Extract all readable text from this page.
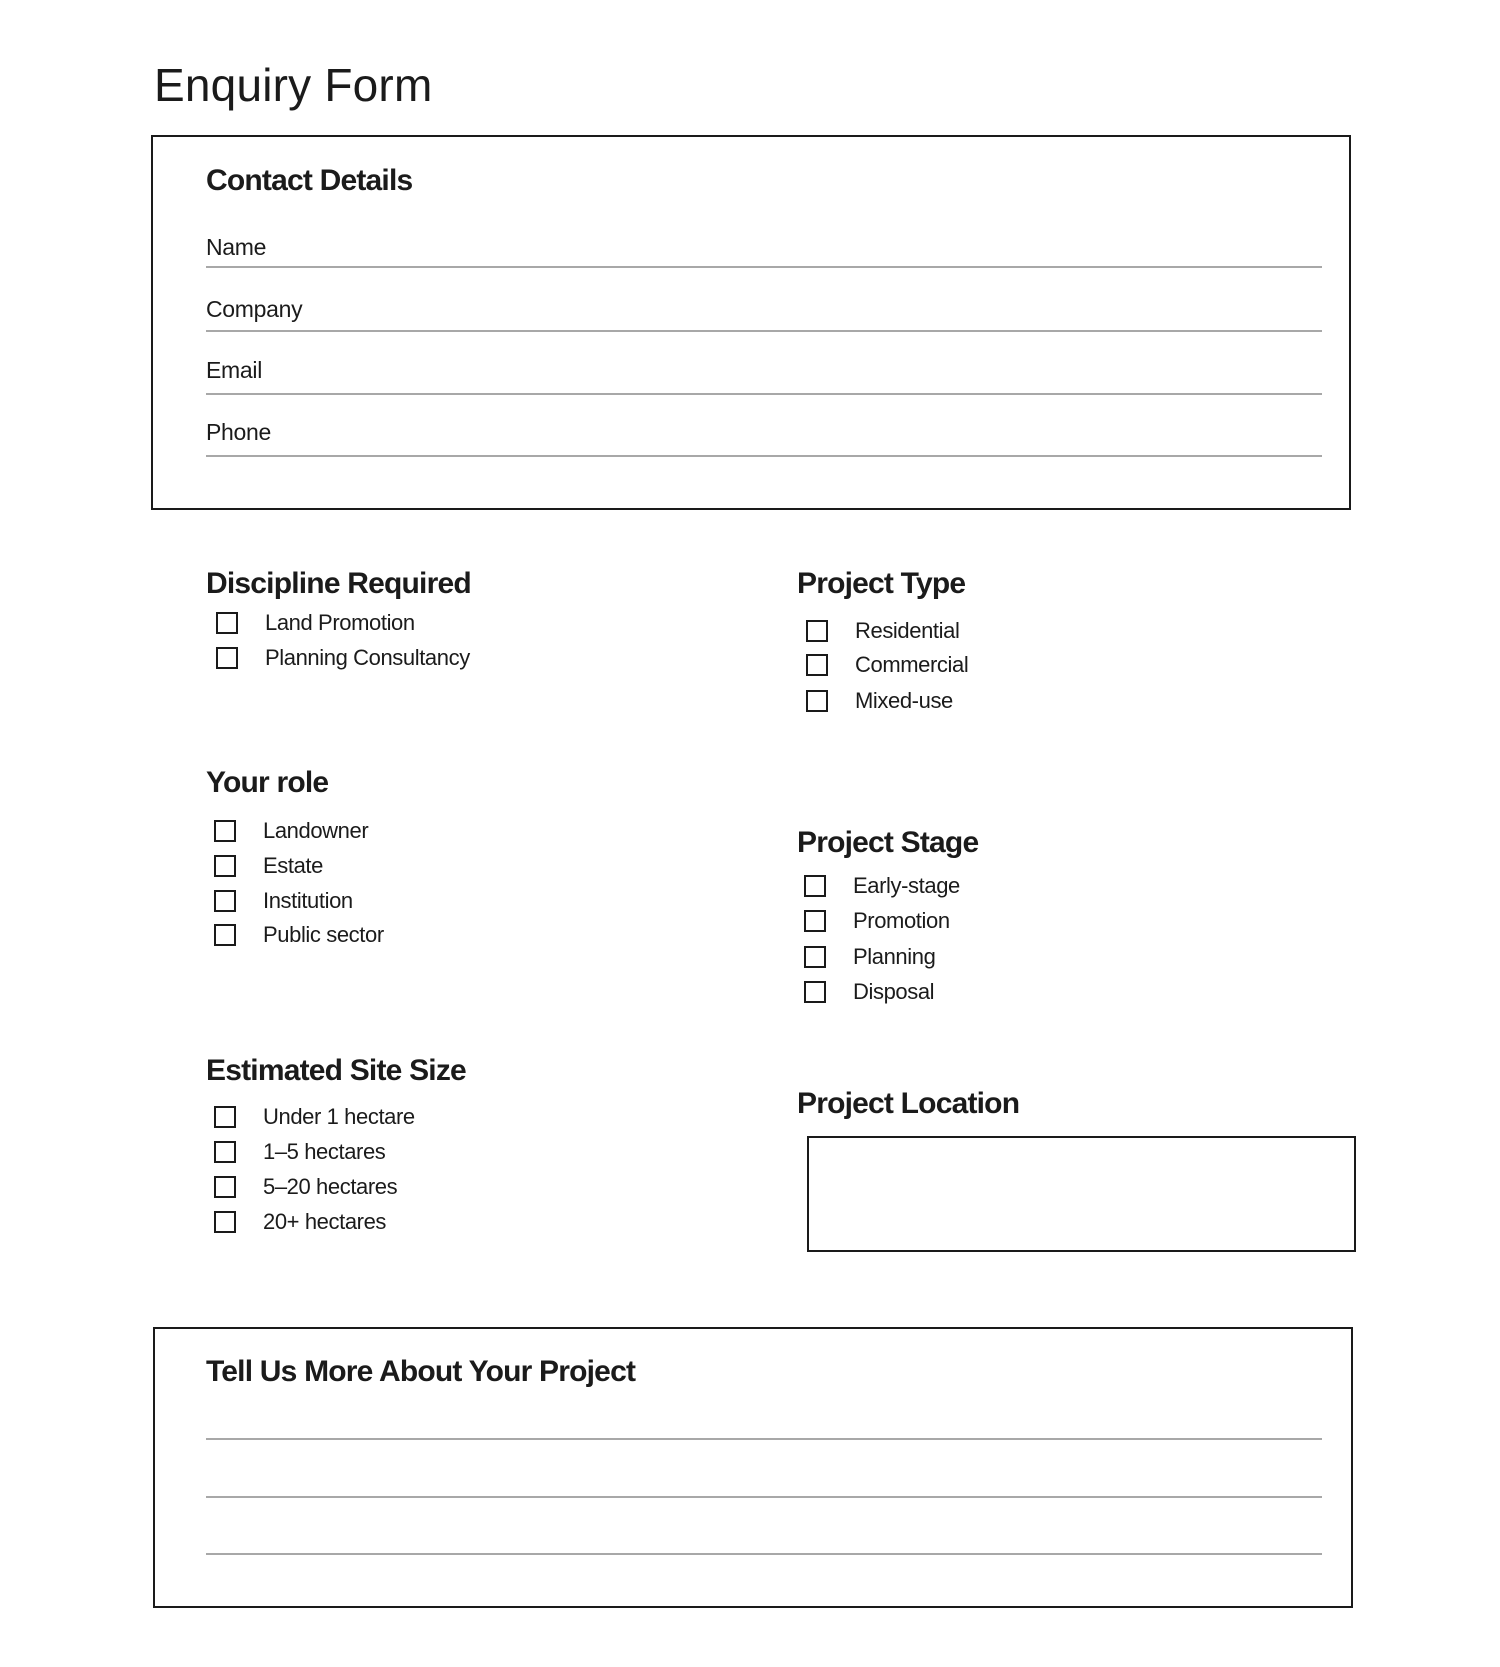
Enquiry Form
Contact Details
Name
Company
Email
Phone
Discipline Required
Land Promotion
Planning Consultancy
Project Type
Residential
Commercial
Mixed-use
Your role
Landowner
Estate
Institution
Public sector
Project Stage
Early-stage
Promotion
Planning
Disposal
Estimated Site Size
Under 1 hectare
1–5 hectares
5–20 hectares
20+ hectares
Project Location
Tell Us More About Your Project
